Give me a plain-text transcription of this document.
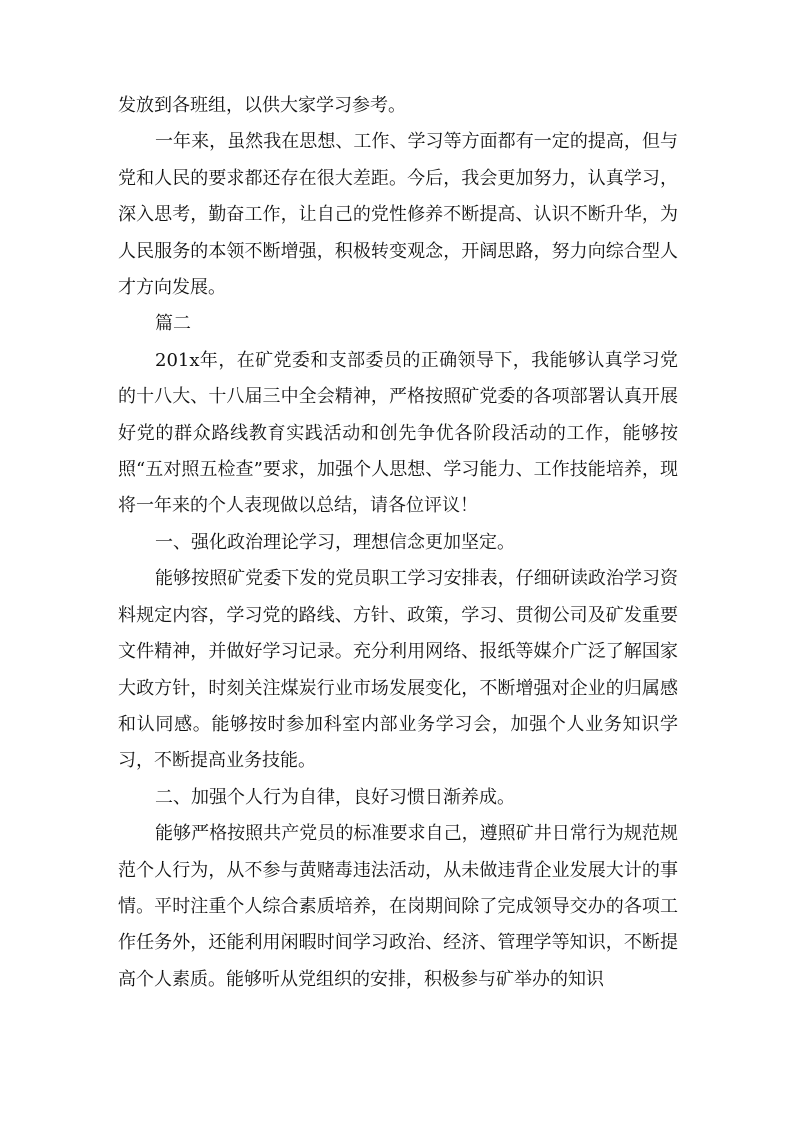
发放到各班组，以供大家学习参考。

一年来，虽然我在思想、工作、学习等方面都有一定的提高，但与党和人民的要求都还存在很大差距。今后，我会更加努力，认真学习，深入思考，勤奋工作，让自己的党性修养不断提高、认识不断升华，为人民服务的本领不断增强，积极转变观念，开阔思路，努力向综合型人才方向发展。

篇二

201x年，在矿党委和支部委员的正确领导下，我能够认真学习党的十八大、十八届三中全会精神，严格按照矿党委的各项部署认真开展好党的群众路线教育实践活动和创先争优各阶段活动的工作，能够按照“五对照五检查”要求，加强个人思想、学习能力、工作技能培养，现将一年来的个人表现做以总结，请各位评议！

一、强化政治理论学习，理想信念更加坚定。

能够按照矿党委下发的党员职工学习安排表，仔细研读政治学习资料规定内容，学习党的路线、方针、政策，学习、贯彻公司及矿发重要文件精神，并做好学习记录。充分利用网络、报纸等媒介广泛了解国家大政方针，时刻关注煤炭行业市场发展变化，不断增强对企业的归属感和认同感。能够按时参加科室内部业务学习会，加强个人业务知识学习，不断提高业务技能。

二、加强个人行为自律，良好习惯日渐养成。

能够严格按照共产党员的标准要求自己，遵照矿井日常行为规范规范个人行为，从不参与黄赌毒违法活动，从未做违背企业发展大计的事情。平时注重个人综合素质培养，在岗期间除了完成领导交办的各项工作任务外，还能利用闲暇时间学习政治、经济、管理学等知识，不断提高个人素质。能够听从党组织的安排，积极参与矿举办的知识
